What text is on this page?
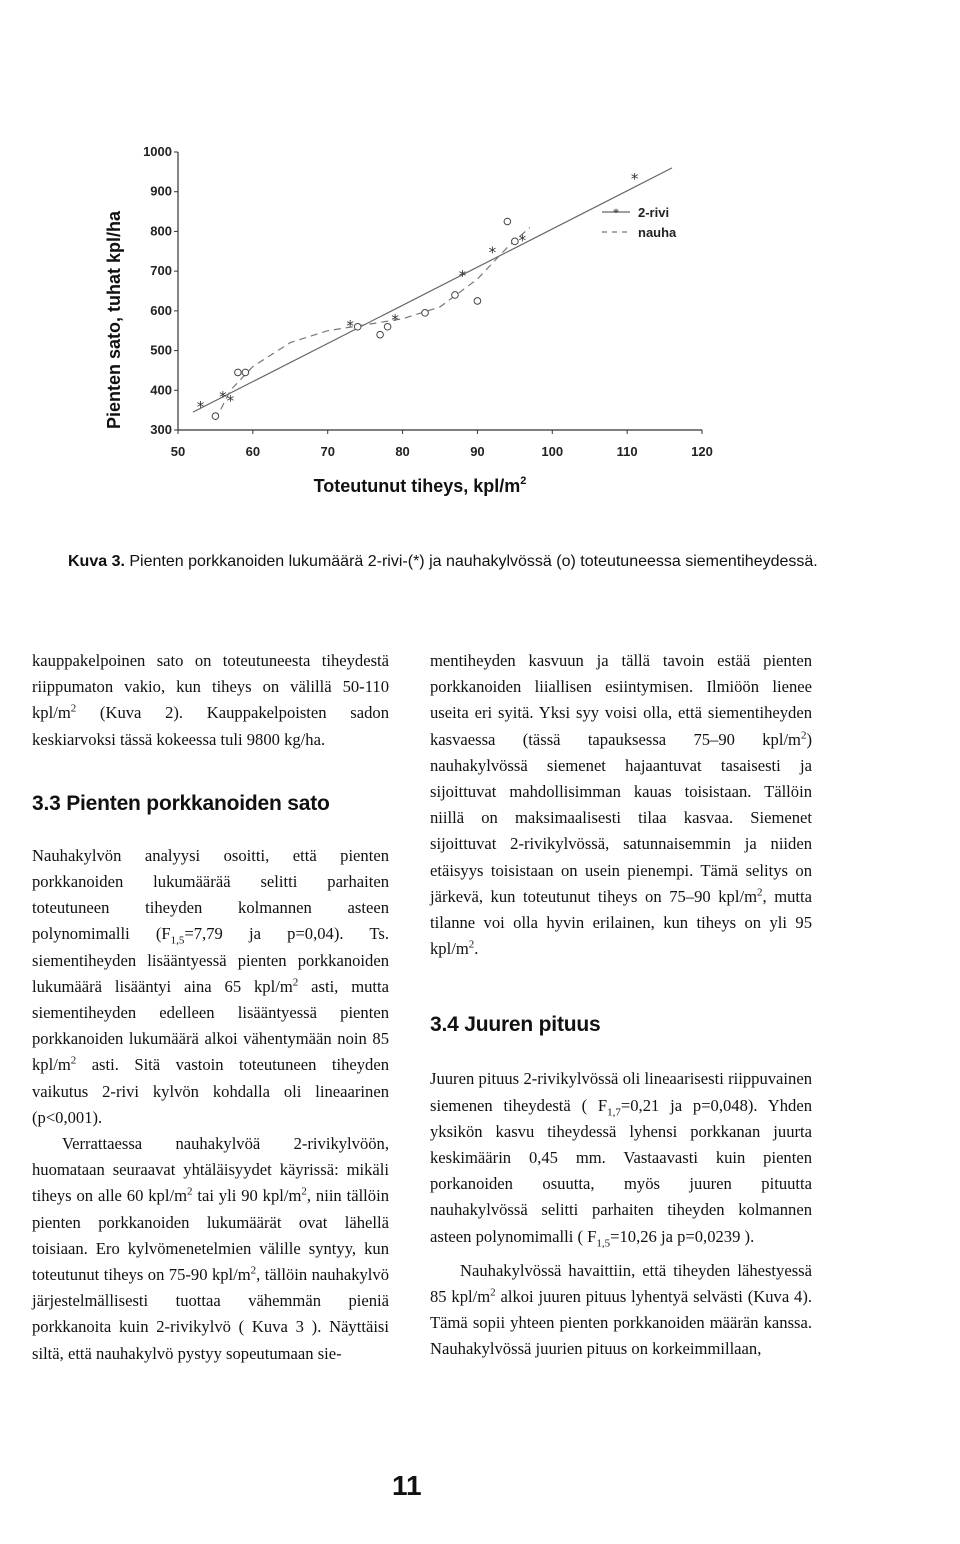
300
400
500
600
700
800
900
1000
50	60	70	80	90	100	110	120
*
* *
* *
*
*
*
*
Pienten sato, tuhat kpl/ha
Toteutunut tiheys, kpl/$m^2$
* 2-rivi
nauha
Kuva 3. Pienten porkkanoiden lukumäärä 2-rivi-(*) ja nauhakylvössä (o) toteutuneessa siementiheydessä.

kauppakelpoinen sato on toteutuneesta tiheydestä riippumaton vakio, kun tiheys on välillä 50-110 kpl/$m^2$ (Kuva 2). Kauppakelpoisten sadon keskiarvoksi tässä kokeessa tuli 9800 kg/ha.

3.3 Pienten porkkanoiden sato

Nauhakylvön analyysi osoitti, että pienten porkkanoiden lukumäärää selitti parhaiten toteutuneen tiheyden kolmannen asteen polynomimalli ($F_{1,5}=7,79$ ja p=0,04). Ts. siementiheyden lisääntyessä pienten porkkanoiden lukumäärä lisääntyi aina 65 kpl/$m^2$ asti, mutta siementiheyden edelleen lisääntyessä pienten porkkanoiden lukumäärä alkoi vähentymään noin 85 kpl/$m^2$ asti. Sitä vastoin toteutuneen tiheyden vaikutus 2-rivi kylvön kohdalla oli lineaarinen (p<0,001).

Verrattaessa nauhakylvöä 2-rivikylvöön, huomataan seuraavat yhtäläisyydet käyrissä: mikäli tiheys on alle 60 kpl/$m^2$ tai yli 90 kpl/$m^2$, niin tällöin pienten porkkanoiden lukumäärät ovat lähellä toisiaan. Ero kylvömenetelmien välille syntyy, kun toteutunut tiheys on 75-90 kpl/$m^2$, tällöin nauhakylvö järjestelmällisesti tuottaa vähemmän pieniä porkkanoita kuin 2-rivikylvö ( Kuva 3 ). Näyttäisi siltä, että nauhakylvö pystyy sopeutumaan sie-

mentiheyden kasvuun ja tällä tavoin estää pienten porkkanoiden liiallisen esiintymisen. Ilmiöön lienee useita eri syitä. Yksi syy voisi olla, että siementiheyden kasvaessa (tässä tapauksessa 75–90 kpl/$m^2$) nauhakylvössä siemenet hajaantuvat tasaisesti ja sijoittuvat mahdollisimman kauas toisistaan. Tällöin niillä on maksimaalisesti tilaa kasvaa. Siemenet sijoittuvat 2-rivikylvössä, satunnaisemmin ja niiden etäisyys toisistaan on usein pienempi. Tämä selitys on järkevä, kun toteutunut tiheys on 75–90 kpl/$m^2$, mutta tilanne voi olla hyvin erilainen, kun tiheys on yli 95 kpl/$m^2$.

3.4 Juuren pituus

Juuren pituus 2-rivikylvössä oli lineaarisesti riippuvainen siemenen tiheydestä ( $F_{1,7}=0,21$ ja p=0,048). Yhden yksikön kasvu tiheydessä lyhensi porkkanan juurta keskimäärin 0,45 mm. Vastaavasti kuin pienten porkanoiden osuutta, myös juuren pituutta nauhakylvössä selitti parhaiten tiheyden kolmannen asteen polynomimalli ( $F_{1,5}=10,26$ ja p=0,0239 ).

Nauhakylvössä havaittiin, että tiheyden lähestyessä 85 kpl/$m^2$ alkoi juuren pituus lyhentyä selvästi (Kuva 4). Tämä sopii yhteen pienten porkkanoiden määrän kanssa. Nauhakylvössä juurien pituus on korkeimmillaan,

11
